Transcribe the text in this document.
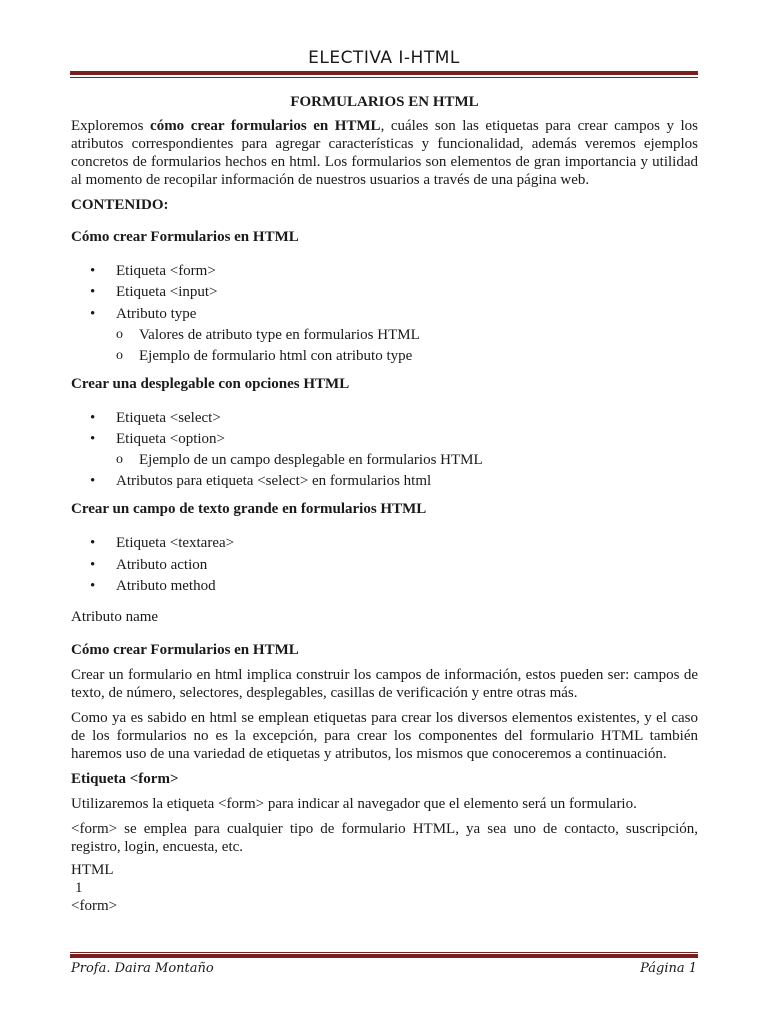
ELECTIVA I-HTML

FORMULARIOS EN HTML

Exploremos cómo crear formularios en HTML, cuáles son las etiquetas para crear campos y los atributos correspondientes para agregar características y funcionalidad, además veremos ejemplos concretos de formularios hechos en html. Los formularios son elementos de gran importancia y utilidad al momento de recopilar información de nuestros usuarios a través de una página web.

CONTENIDO:

Cómo crear Formularios en HTML

• Etiqueta <form>
• Etiqueta <input>
• Atributo type
o Valores de atributo type en formularios HTML
o Ejemplo de formulario html con atributo type

Crear una desplegable con opciones HTML

• Etiqueta <select>
• Etiqueta <option>
o Ejemplo de un campo desplegable en formularios HTML
• Atributos para etiqueta <select> en formularios html

Crear un campo de texto grande en formularios HTML

• Etiqueta <textarea>
• Atributo action
• Atributo method

Atributo name

Cómo crear Formularios en HTML

Crear un formulario en html implica construir los campos de información, estos pueden ser: campos de texto, de número, selectores, desplegables, casillas de verificación y entre otras más.

Como ya es sabido en html se emplean etiquetas para crear los diversos elementos existentes, y el caso de los formularios no es la excepción, para crear los componentes del formulario HTML también haremos uso de una variedad de etiquetas y atributos, los mismos que conoceremos a continuación.

Etiqueta <form>

Utilizaremos la etiqueta <form> para indicar al navegador que el elemento será un formulario.

<form> se emplea para cualquier tipo de formulario HTML, ya sea uno de contacto, suscripción, registro, login, encuesta, etc.

HTML

1

<form>

Profa. Daira Montaño	Página 1
